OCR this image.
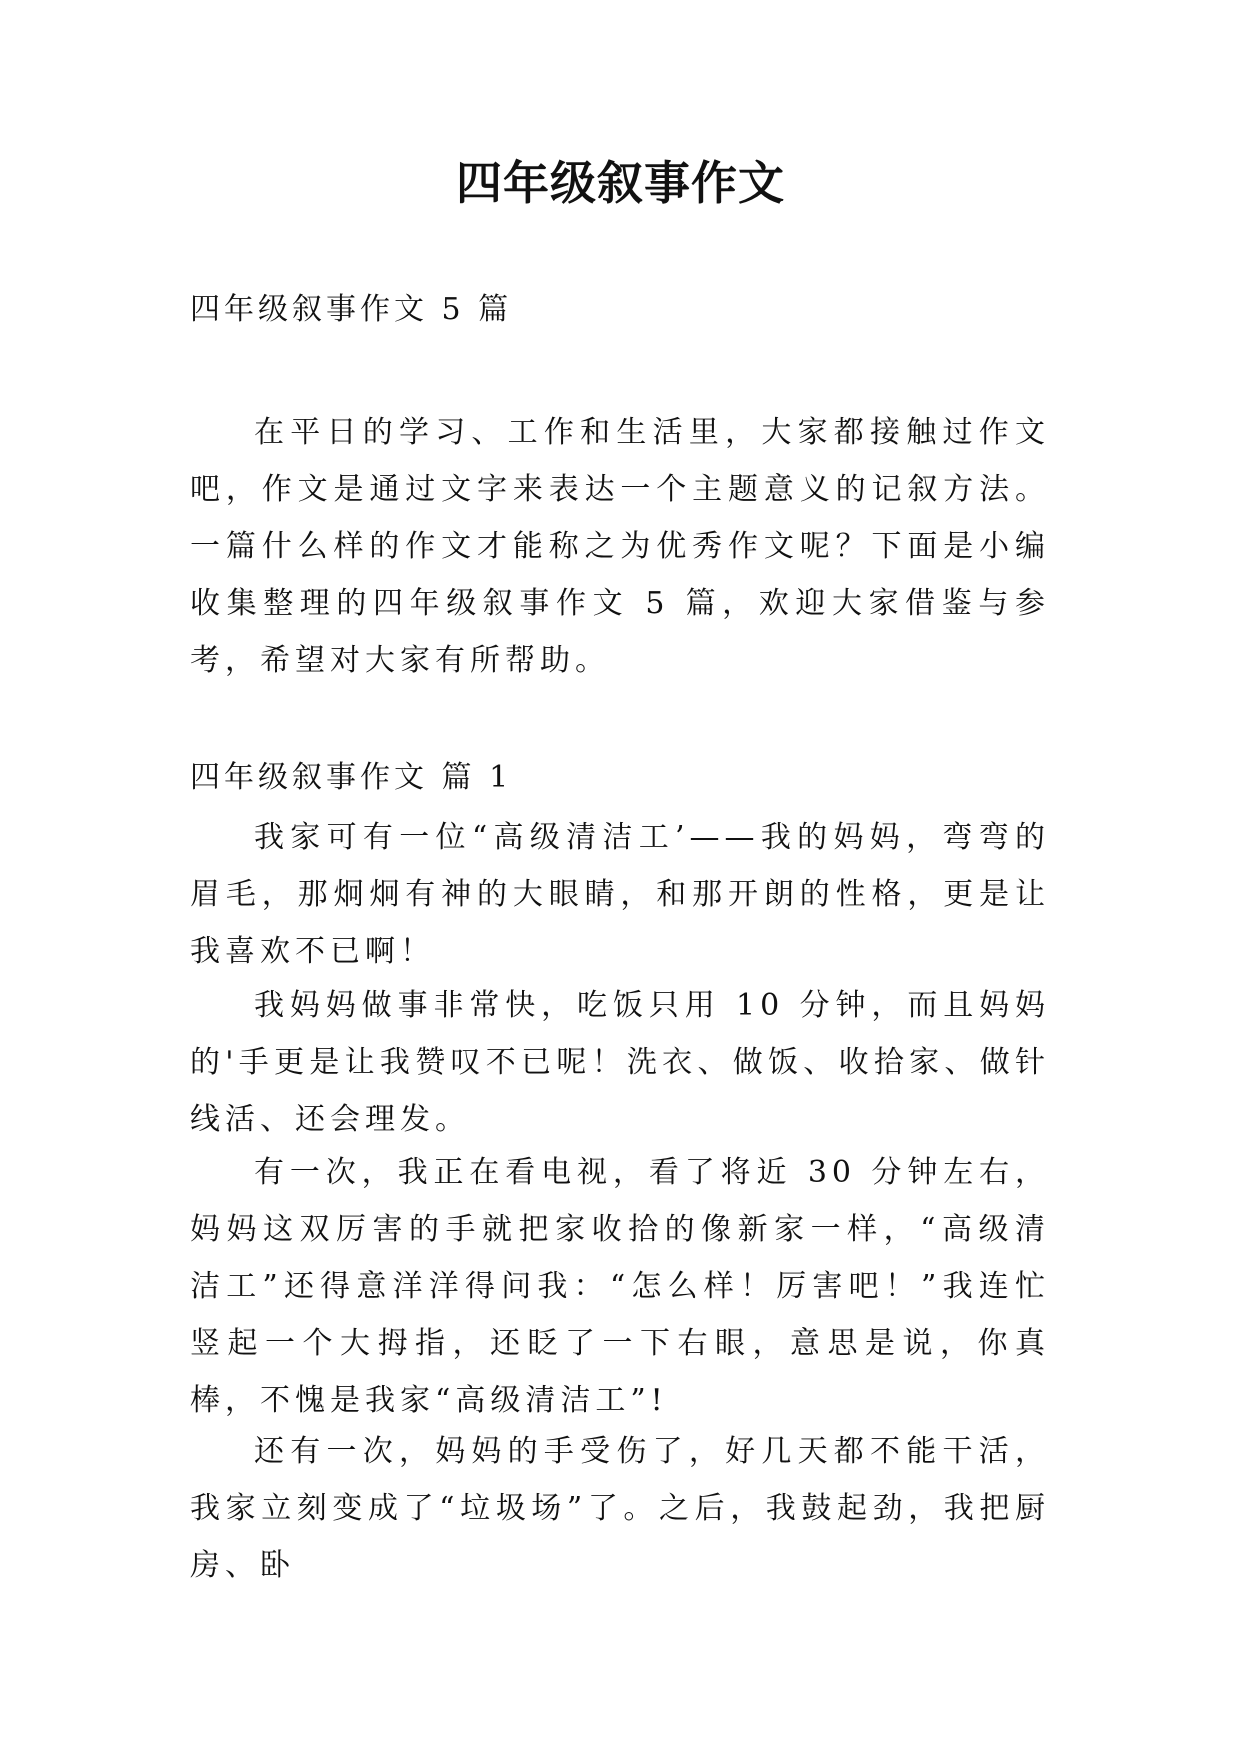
四年级叙事作文

四年级叙事作文 5 篇

在平日的学习、工作和生活里，大家都接触过作文吧，作文是通过文字来表达一个主题意义的记叙方法。一篇什么样的作文才能称之为优秀作文呢？下面是小编收集整理的四年级叙事作文 5 篇，欢迎大家借鉴与参考，希望对大家有所帮助。

四年级叙事作文 篇 1

我家可有一位“高级清洁工’——我的妈妈，弯弯的眉毛，那炯炯有神的大眼睛，和那开朗的性格，更是让我喜欢不已啊！

我妈妈做事非常快，吃饭只用 10 分钟，而且妈妈的'手更是让我赞叹不已呢！洗衣、做饭、收拾家、做针线活、还会理发。

有一次，我正在看电视，看了将近 30 分钟左右，妈妈这双厉害的手就把家收拾的像新家一样，“高级清洁工”还得意洋洋得问我：“怎么样！厉害吧！”我连忙竖起一个大拇指，还眨了一下右眼，意思是说，你真棒，不愧是我家“高级清洁工”!

还有一次，妈妈的手受伤了，好几天都不能干活，我家立刻变成了“垃圾场”了。之后，我鼓起劲，我把厨房、卧
